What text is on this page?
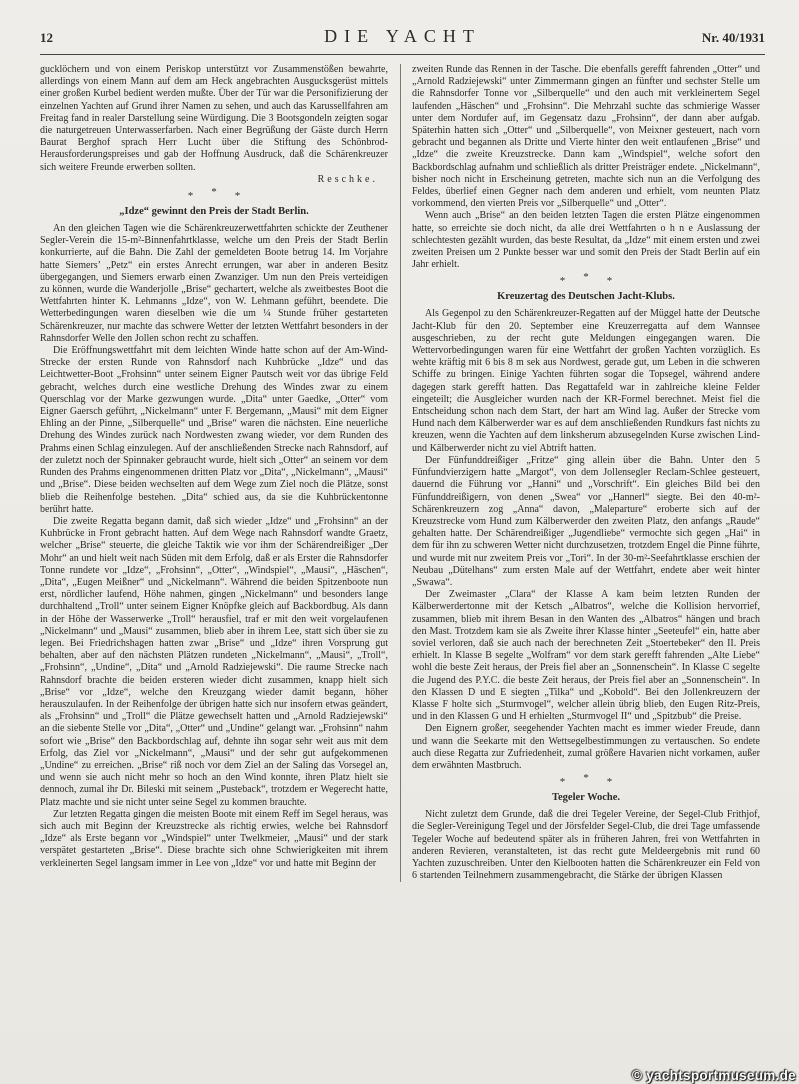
12	DIE YACHT	Nr. 40/1931

gucklöchern und von einem Periskop unterstützt vor Zusammenstößen bewahrte, allerdings von einem Mann auf dem am Heck angebrachten Ausgucksgerüst mittels einer großen Kurbel bedient werden mußte. Über der Tür war die Personifizierung der einzelnen Yachten auf Grund ihrer Namen zu sehen, und auch das Karussellfahren am Freitag fand in realer Darstellung seine Würdigung. Die 3 Bootsgondeln zeigten sogar die naturgetreuen Unterwasserfarben. Nach einer Begrüßung der Gäste durch Herrn Baurat Berghof sprach Herr Lucht über die Stiftung des Schönbrod-Herausforderungspreises und gab der Hoffnung Ausdruck, daß die Schärenkreuzer sich weitere Freunde erwerben sollten.

Reschke.
* * *
„Idze“ gewinnt den Preis der Stadt Berlin.

An den gleichen Tagen wie die Schärenkreuzerwettfahrten schickte der Zeuthener Segler-Verein die 15-m²-Binnenfahrtklasse, welche um den Preis der Stadt Berlin konkurrierte, auf die Bahn. Die Zahl der gemeldeten Boote betrug 14. Im Vorjahre hatte Siemers’ „Petz“ ein erstes Anrecht errungen, war aber in anderen Besitz übergegangen, und Siemers erwarb einen Zwanziger. Um nun den Preis verteidigen zu können, wurde die Wanderjolle „Brise“ gechartert, welche als zweitbestes Boot die Wettfahrten hinter K. Lehmanns „Idze“, von W. Lehmann geführt, beendete. Die Wetterbedingungen waren dieselben wie die um ¼ Stunde früher gestarteten Schärenkreuzer, nur machte das schwere Wetter der letzten Wettfahrt besonders in der Rahnsdorfer Welle den Jollen schon recht zu schaffen.

Die Eröffnungswettfahrt mit dem leichten Winde hatte schon auf der Am-Wind-Strecke der ersten Runde von Rahnsdorf nach Kuhbrücke „Idze“ und das Leichtwetter-Boot „Frohsinn“ unter seinem Eigner Pautsch weit vor das übrige Feld gebracht, welches durch eine westliche Drehung des Windes zwar zu einem Querschlag vor der Marke gezwungen wurde. „Dita“ unter Gaedke, „Otter“ vom Eigner Gaersch geführt, „Nickelmann“ unter F. Bergemann, „Mausi“ mit dem Eigner Ehling an der Pinne, „Silberquelle“ und „Brise“ waren die nächsten. Eine neuerliche Drehung des Windes zurück nach Nordwesten zwang wieder, vor dem Runden des Prahms einen Schlag einzulegen. Auf der anschließenden Strecke nach Rahnsdorf, auf der zuletzt noch der Spinnaker gebraucht wurde, hielt sich „Otter“ an seinem vor dem Runden des Prahms eingenommenen dritten Platz vor „Dita“, „Nickelmann“, „Mausi“ und „Brise“. Diese beiden wechselten auf dem Wege zum Ziel noch die Plätze, sonst blieb die Reihenfolge bestehen. „Dita“ schied aus, da sie die Kuhbrückentonne berührt hatte.

Die zweite Regatta begann damit, daß sich wieder „Idze“ und „Frohsinn“ an der Kuhbrücke in Front gebracht hatten. Auf dem Wege nach Rahnsdorf wandte Graetz, welcher „Brise“ steuerte, die gleiche Taktik wie vor ihm der Schärendreißiger „Der Mohr“ an und hielt weit nach Süden mit dem Erfolg, daß er als Erster die Rahnsdorfer Tonne rundete vor „Idze“, „Frohsinn“, „Otter“, „Windspiel“, „Mausi“, „Häschen“, „Dita“, „Eugen Meißner“ und „Nickelmann“. Während die beiden Spitzenboote nun erst, nördlicher laufend, Höhe nahmen, gingen „Nickelmann“ und besonders lange durchhaltend „Troll“ unter seinem Eigner Knöpfke gleich auf Backbordbug. Als dann in der Höhe der Wasserwerke „Troll“ herausfiel, traf er mit den weit vorgelaufenen „Nickelmann“ und „Mausi“ zusammen, blieb aber in ihrem Lee, statt sich über sie zu legen. Bei Friedrichshagen hatten zwar „Brise“ und „Idze“ ihren Vorsprung gut behalten, aber auf den nächsten Plätzen rundeten „Nickelmann“, „Mausi“, „Troll“, „Frohsinn“, „Undine“, „Dita“ und „Arnold Radziejewski“. Die raume Strecke nach Rahnsdorf brachte die beiden ersteren wieder dicht zusammen, knapp hielt sich „Brise“ vor „Idze“, welche den Kreuzgang wieder damit begann, höher herauszulaufen. In der Reihenfolge der übrigen hatte sich nur insofern etwas geändert, als „Frohsinn“ und „Troll“ die Plätze gewechselt hatten und „Arnold Radziejewski“ an die siebente Stelle vor „Dita“, „Otter“ und „Undine“ gelangt war. „Frohsinn“ nahm sofort wie „Brise“ den Backbordschlag auf, dehnte ihn sogar sehr weit aus mit dem Erfolg, das Ziel vor „Nickelmann“, „Mausi“ und der sehr gut aufgekommenen „Undine“ zu erreichen. „Brise“ riß noch vor dem Ziel an der Saling das Vorsegel an, und wenn sie auch nicht mehr so hoch an den Wind konnte, ihren Platz hielt sie dennoch, zumal ihr Dr. Bileski mit seinem „Pusteback“, trotzdem er Wegerecht hatte, Platz machte und sie nicht unter seine Segel zu kommen brauchte.

Zur letzten Regatta gingen die meisten Boote mit einem Reff im Segel heraus, was sich auch mit Beginn der Kreuzstrecke als richtig erwies, welche bei Rahnsdorf „Idze“ als Erste begann vor „Windspiel“ unter Twelkmeier, „Mausi“ und der stark verspätet gestarteten „Brise“. Diese brachte sich ohne Schwierigkeiten mit ihrem verkleinerten Segel langsam immer in Lee von „Idze“ vor und hatte mit Beginn der

zweiten Runde das Rennen in der Tasche. Die ebenfalls gerefft fahrenden „Otter“ und „Arnold Radziejewski“ unter Zimmermann gingen an fünfter und sechster Stelle um die Rahnsdorfer Tonne vor „Silberquelle“ und den auch mit verkleinertem Segel laufenden „Häschen“ und „Frohsinn“. Die Mehrzahl suchte das schmierige Wasser unter dem Nordufer auf, im Gegensatz dazu „Frohsinn“, der dann aber aufgab. Späterhin hatten sich „Otter“ und „Silberquelle“, von Meixner gesteuert, nach vorn gebracht und begannen als Dritte und Vierte hinter den weit entlaufenen „Brise“ und „Idze“ die zweite Kreuzstrecke. Dann kam „Windspiel“, welche sofort den Backbordschlag aufnahm und schließlich als dritter Preisträger endete. „Nickelmann“, bisher noch nicht in Erscheinung getreten, machte sich nun an die Verfolgung des Feldes, überlief einen Gegner nach dem anderen und erhielt, vom neunten Platz vorkommend, den vierten Preis vor „Silberquelle“ und „Otter“.

Wenn auch „Brise“ an den beiden letzten Tagen die ersten Plätze eingenommen hatte, so erreichte sie doch nicht, da alle drei Wettfahrten o h n e Auslassung der schlechtesten gezählt wurden, das beste Resultat, da „Idze“ mit einem ersten und zwei zweiten Preisen um 2 Punkte besser war und somit den Preis der Stadt Berlin auf ein Jahr erhielt.

* * *
Kreuzertag des Deutschen Jacht-Klubs.

Als Gegenpol zu den Schärenkreuzer-Regatten auf der Müggel hatte der Deutsche Jacht-Klub für den 20. September eine Kreuzerregatta auf dem Wannsee ausgeschrieben, zu der recht gute Meldungen eingegangen waren. Die Wettervorbedingungen waren für eine Wettfahrt der großen Yachten vorzüglich. Es wehte kräftig mit 6 bis 8 m sek aus Nordwest, gerade gut, um Leben in die schweren Schiffe zu bringen. Einige Yachten führten sogar die Topsegel, während andere dagegen stark gerefft hatten. Das Regattafeld war in zahlreiche kleine Felder eingeteilt; die Ausgleicher wurden nach der KR-Formel berechnet. Meist fiel die Entscheidung schon nach dem Start, der hart am Wind lag. Außer der Strecke vom Hund nach dem Kälberwerder war es auf dem anschließenden Rundkurs fast nichts zu kreuzen, wenn die Yachten auf dem linksherum abzusegelnden Kurse zwischen Lind- und Kälberwerder nicht zu viel Abtrift hatten.

Der Fünfunddreißiger „Fritze“ ging allein über die Bahn. Unter den 5 Fünfundvierzigern hatte „Margot“, von dem Jollensegler Reclam-Schlee gesteuert, dauernd die Führung vor „Hanni“ und „Vorschrift“. Ein gleiches Bild bei den Fünfunddreißigern, von denen „Swea“ vor „Hannerl“ siegte. Bei den 40-m²-Schärenkreuzern zog „Anna“ davon, „Maleparture“ eroberte sich auf der Kreuzstrecke vom Hund zum Kälberwerder den zweiten Platz, den anfangs „Raude“ gehalten hatte. Der Schärendreißiger „Jugendliebe“ vermochte sich gegen „Hai“ in dem für ihn zu schweren Wetter nicht durchzusetzen, trotzdem Engel die Pinne führte, und wurde mit nur zweitem Preis vor „Tori“. In der 30-m²-Seefahrtklasse erschien der Neubau „Dütelhans“ zum ersten Male auf der Wettfahrt, endete aber weit hinter „Swawa“.

Der Zweimaster „Clara“ der Klasse A kam beim letzten Runden der Kälberwerdertonne mit der Ketsch „Albatros“, welche die Kollision hervorrief, zusammen, blieb mit ihrem Besan in den Wanten des „Albatros“ hängen und brach den Mast. Trotzdem kam sie als Zweite ihrer Klasse hinter „Seeteufel“ ein, hatte aber soviel verloren, daß sie auch nach der berechneten Zeit „Stoertebeker“ den II. Preis erhielt. In Klasse B segelte „Wolfram“ vor dem stark gerefft fahrenden „Alte Liebe“ wohl die beste Zeit heraus, der Preis fiel aber an „Sonnenschein“. In Klasse C segelte die Jugend des P.Y.C. die beste Zeit heraus, der Preis fiel aber an „Sonnenschein“. In den Klassen D und E siegten „Tilka“ und „Kobold“. Bei den Jollenkreuzern der Klasse F holte sich „Sturmvogel“, welcher allein übrig blieb, den Eugen Ritz-Preis, und in den Klassen G und H erhielten „Sturmvogel II“ und „Spitzbub“ die Preise.

Den Eignern großer, seegehender Yachten macht es immer wieder Freude, dann und wann die Seekarte mit den Wettsegelbestimmungen zu vertauschen. So endete auch diese Regatta zur Zufriedenheit, zumal größere Havarien nicht vorkamen, außer dem erwähnten Mastbruch.

* * *
Tegeler Woche.

Nicht zuletzt dem Grunde, daß die drei Tegeler Vereine, der Segel-Club Frithjof, die Segler-Vereinigung Tegel und der Jörsfelder Segel-Club, die drei Tage umfassende Tegeler Woche auf bedeutend später als in früheren Jahren, frei von Wettfahrten in anderen Revieren, veranstalteten, ist das recht gute Meldeergebnis mit rund 60 Yachten zuzuschreiben. Unter den Kielbooten hatten die Schärenkreuzer ein Feld von 6 startenden Teilnehmern zusammengebracht, die Stärke der übrigen Klassen

© yachtsportmuseum.de
